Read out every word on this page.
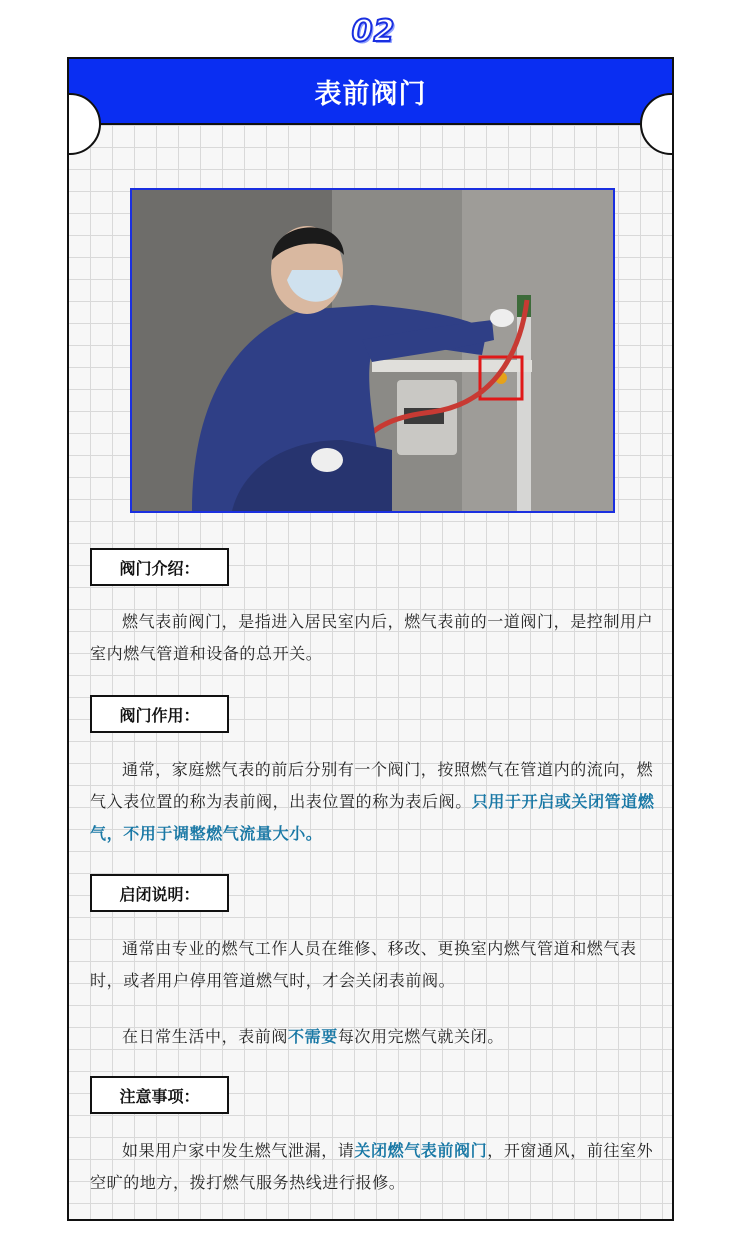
02
表前阀门
阀门介绍：
燃气表前阀门，是指进入居民室内后，燃气表前的一道阀门，是控制用户室内燃气管道和设备的总开关。
阀门作用：
通常，家庭燃气表的前后分别有一个阀门，按照燃气在管道内的流向，燃气入表位置的称为表前阀，出表位置的称为表后阀。只用于开启或关闭管道燃气，不用于调整燃气流量大小。
启闭说明：
通常由专业的燃气工作人员在维修、移改、更换室内燃气管道和燃气表时，或者用户停用管道燃气时，才会关闭表前阀。
在日常生活中，表前阀不需要每次用完燃气就关闭。
注意事项：
如果用户家中发生燃气泄漏，请关闭燃气表前阀门，开窗通风，前往室外空旷的地方，拨打燃气服务热线进行报修。
